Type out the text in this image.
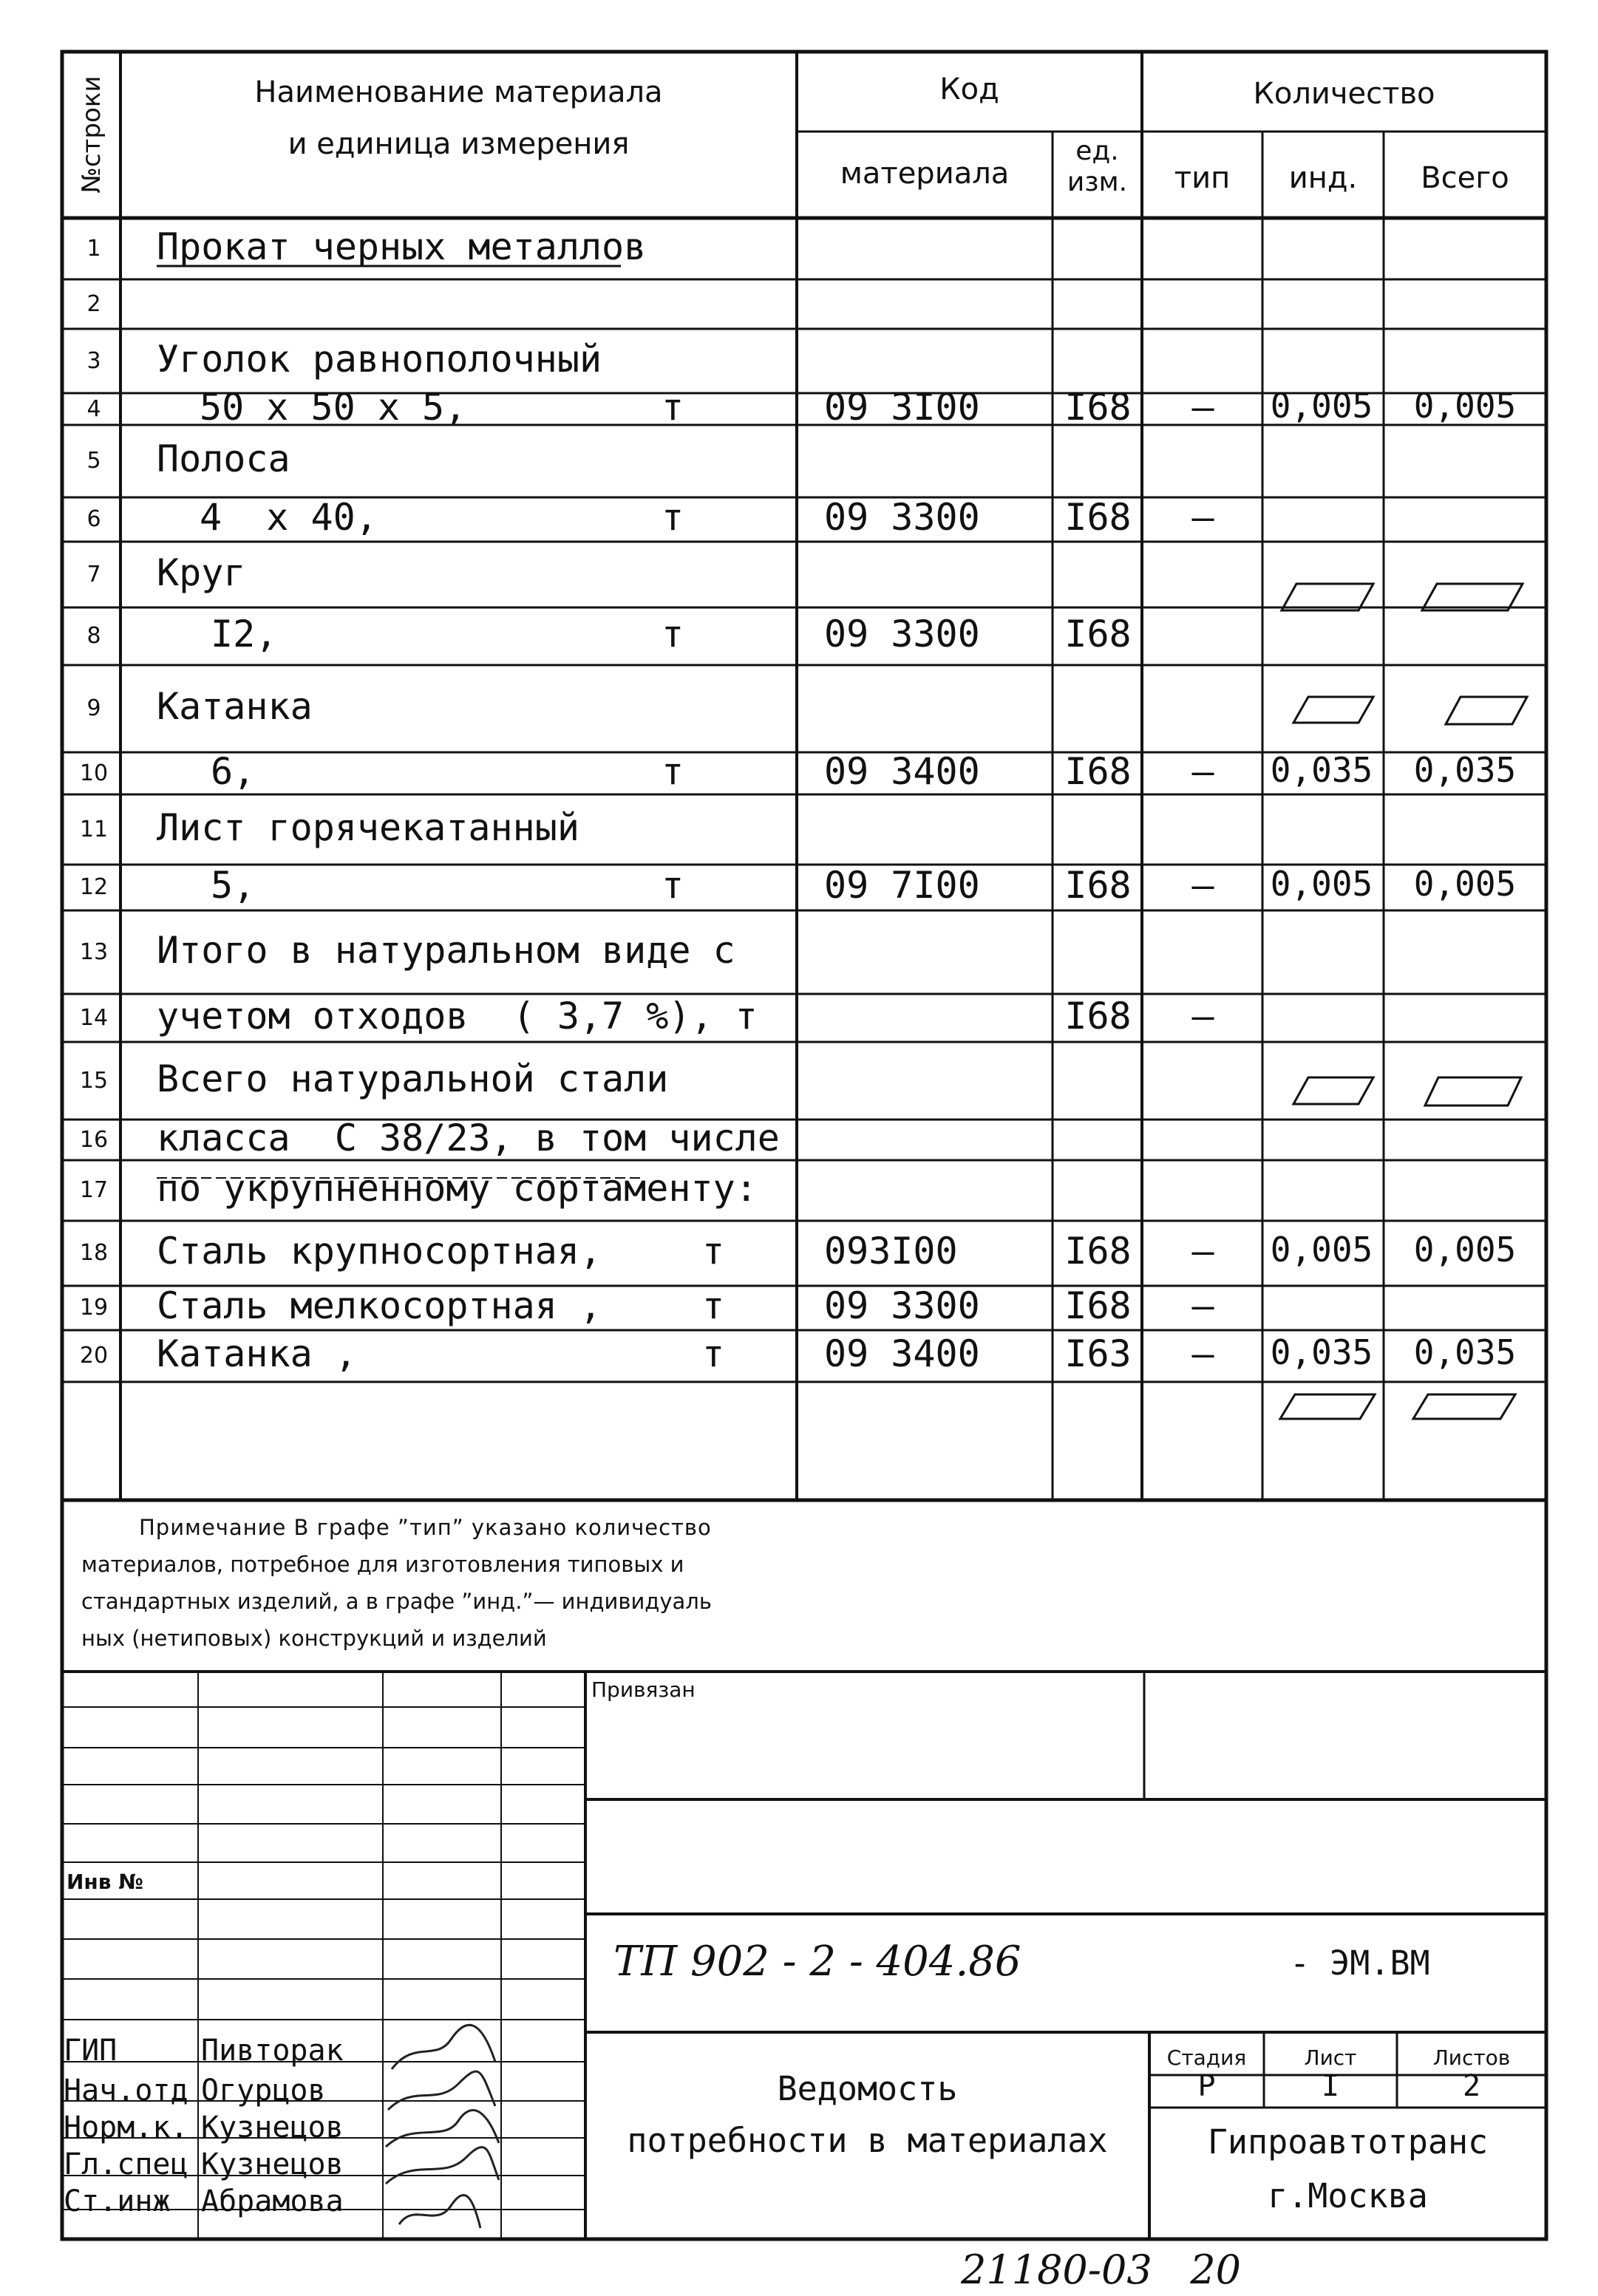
№строки	Наименование материала
и единица измерения
Код	Количество
материала
ед.
изм.	тип	инд.	Всего
1	Прокат черных металлов
2
3	Уголок равнополочный
4	50 x 50 x 5,	т	09 3I00 I68	–	0,005	0,005
5	Полоса
6	4  x 40,	т	09 3300 I68	–
7	Круг
8	I2,	т	09 3300 I68
9	Катанка
10	6,	т	09 3400 I68	–	0,035	0,035
11	Лист горячекатанный
12	5,	т	09 7I00 I68	–	0,005	0,005
13	Итого в натуральном виде с
14	учетом отходов  ( 3,7 %), т	I68	–
15	Всего натуральной стали
16	класса  С 38/23, в том числе
17	по укрупненному сортаменту:
18	Сталь крупносортная,	т	093I00	I68	–	0,005	0,005
19	Сталь мелкосортная ,	т	09 3300 I68	–
20	Катанка ,	т	09 3400 I63	–	0,035	0,035
Примечание В графе ”тип” указано количество
материалов, потребное для изготовления типовых и
стандартных изделий, а в графе ”инд.”— индивидуаль
ных (нетиповых) конструкций и изделий
Привязан
Инв №
ТП 902 - 2 - 404.86	- ЭМ.ВМ
Ведомость
потребности в материалах
Стадия	Лист	Листов
Р	I	2
Гипроавтотранс
г.Москва
ГИП	Пивторак
Нач.отд Огурцов
Норм.к. Кузнецов
Гл.спец Кузнецов
Ст.инж Абрамова
21180-03   20
